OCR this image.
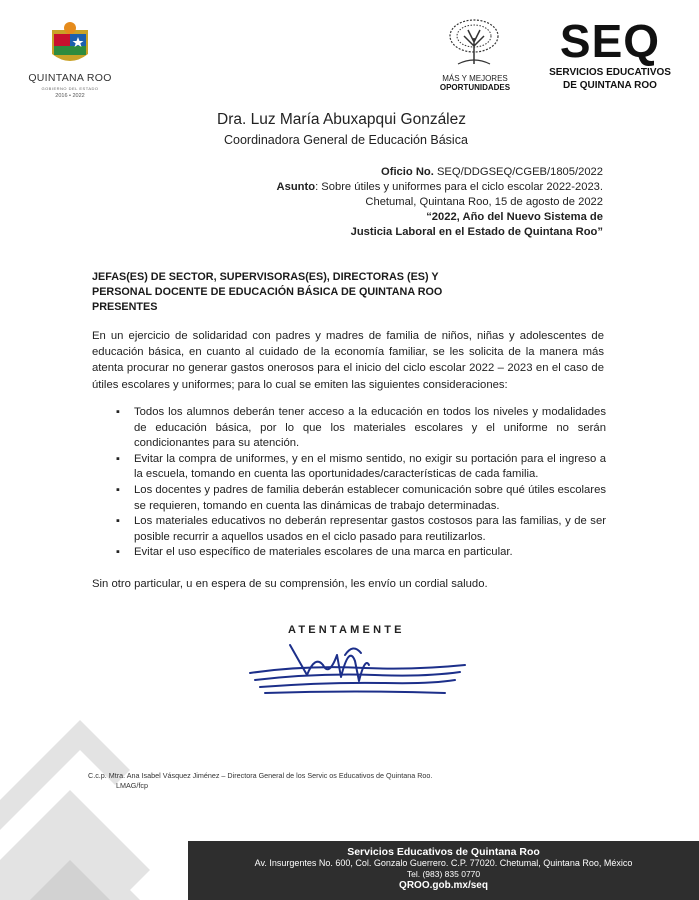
QUINTANA ROO
GOBIERNO DEL ESTADO
2016 • 2022
MÁS Y MEJORES
OPORTUNIDADES
SEQ
SERVICIOS EDUCATIVOS
DE QUINTANA ROO
Dra. Luz María Abuxapqui González
Coordinadora General de Educación Básica
Oficio No. SEQ/DDGSEQ/CGEB/1805/2022
Asunto: Sobre útiles y uniformes para el ciclo escolar 2022-2023.
Chetumal, Quintana Roo, 15 de agosto de 2022
“2022, Año del Nuevo Sistema de
Justicia Laboral en el Estado de Quintana Roo”
JEFAS(ES) DE SECTOR, SUPERVISORAS(ES), DIRECTORAS (ES) Y
PERSONAL DOCENTE DE EDUCACIÓN BÁSICA DE QUINTANA ROO
PRESENTES
En un ejercicio de solidaridad con padres y madres de familia de niños, niñas y adolescentes de educación básica, en cuanto al cuidado de la economía familiar, se les solicita de la manera más atenta procurar no generar gastos onerosos para el inicio del ciclo escolar 2022 – 2023 en el caso de útiles escolares y uniformes; para lo cual se emiten las siguientes consideraciones:
▪ Todos los alumnos deberán tener acceso a la educación en todos los niveles y modalidades de educación básica, por lo que los materiales escolares y el uniforme no serán condicionantes para su atención.
▪ Evitar la compra de uniformes, y en el mismo sentido, no exigir su portación para el ingreso a la escuela, tomando en cuenta las oportunidades/características de cada familia.
▪ Los docentes y padres de familia deberán establecer comunicación sobre qué útiles escolares se requieren, tomando en cuenta las dinámicas de trabajo determinadas.
▪ Los materiales educativos no deberán representar gastos costosos para las familias, y de ser posible recurrir a aquellos usados en el ciclo pasado para reutilizarlos.
▪ Evitar el uso específico de materiales escolares de una marca en particular.
Sin otro particular, u en espera de su comprensión, les envío un cordial saludo.
ATENTAMENTE
C.c.p. Mtra. Ana Isabel Vásquez Jiménez – Directora General de los Servic os Educativos de Quintana Roo.
LMAG/fcp
Servicios Educativos de Quintana Roo
Av. Insurgentes No. 600, Col. Gonzalo Guerrero. C.P. 77020. Chetumal, Quintana Roo, México
Tel. (983) 835 0770
QROO.gob.mx/seq
